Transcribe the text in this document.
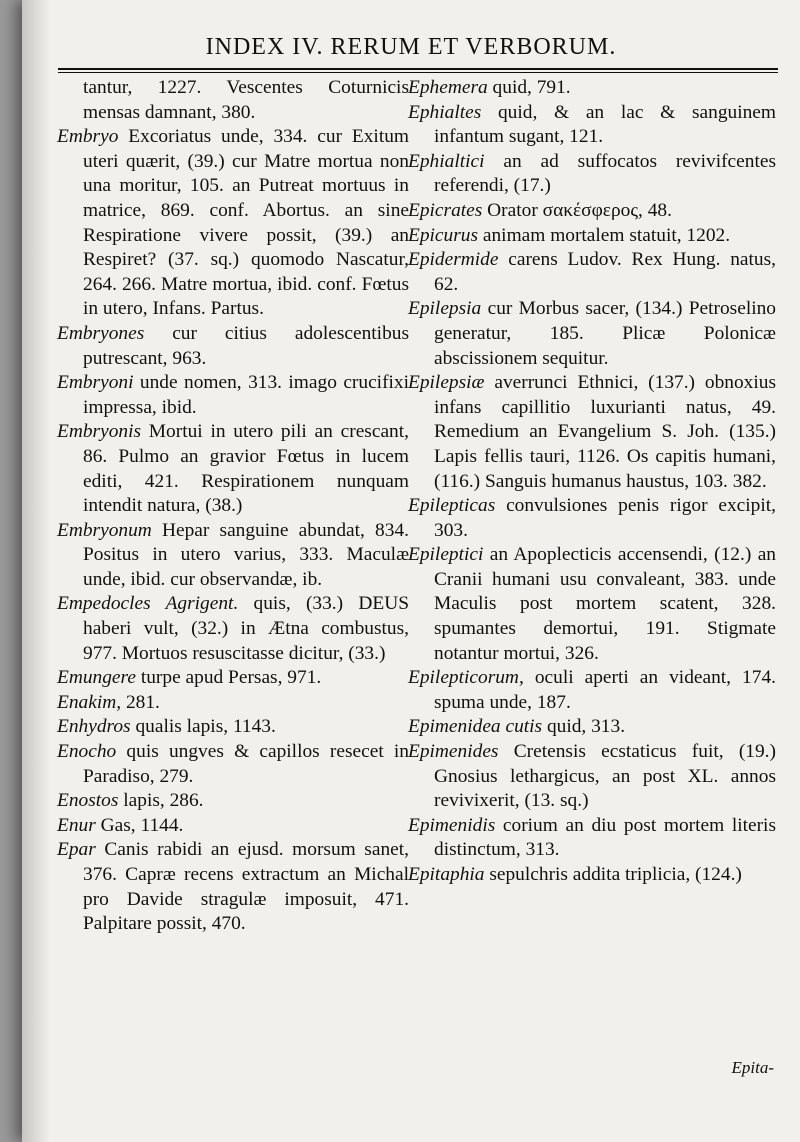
INDEX IV. RERUM ET VERBORUM.

tantur, 1227. Vescentes Coturnicis mensas damnant, 380.

Embryo Excoriatus unde, 334. cur Exitum uteri quærit, (39.) cur Matre mortua non una moritur, 105. an Putreat mortuus in matrice, 869. conf. Abortus. an sine Respiratione vivere possit, (39.) an Respiret? (37. sq.) quomodo Nascatur, 264. 266. Matre mortua, ibid. conf. Fœtus in utero, Infans. Partus.

Embryones cur citius adolescentibus putrescant, 963.

Embryoni unde nomen, 313. imago crucifixi impressa, ibid.

Embryonis Mortui in utero pili an crescant, 86. Pulmo an gravior Fœtus in lucem editi, 421. Respirationem nunquam intendit natura, (38.)

Embryonum Hepar sanguine abundat, 834. Positus in utero varius, 333. Maculæ unde, ibid. cur observandæ, ib.

Empedocles Agrigent. quis, (33.) DEUS haberi vult, (32.) in Ætna combustus, 977. Mortuos resuscitasse dicitur, (33.)

Emungere turpe apud Persas, 971.

Enakim, 281.

Enhydros qualis lapis, 1143.

Enocho quis ungves & capillos resecet in Paradiso, 279.

Enostos lapis, 286.

Enur Gas, 1144.

Epar Canis rabidi an ejusd. morsum sanet, 376. Capræ recens extractum an Michal pro Davide stragulæ imposuit, 471. Palpitare possit, 470.

Ephemera quid, 791.

Ephialtes quid, & an lac & sanguinem infantum sugant, 121.

Ephialtici an ad suffocatos revivifcentes referendi, (17.)

Epicrates Orator σακέσφερος, 48.

Epicurus animam mortalem statuit, 1202.

Epidermide carens Ludov. Rex Hung. natus, 62.

Epilepsia cur Morbus sacer, (134.) Petroselino generatur, 185. Plicæ Polonicæ abscissionem sequitur.

Epilepsiæ averrunci Ethnici, (137.) obnoxius infans capillitio luxurianti natus, 49. Remedium an Evangelium S. Joh. (135.) Lapis fellis tauri, 1126. Os capitis humani, (116.) Sanguis humanus haustus, 103. 382.

Epilepticas convulsiones penis rigor excipit, 303.

Epileptici an Apoplecticis accensendi, (12.) an Cranii humani usu convaleant, 383. unde Maculis post mortem scatent, 328. spumantes demortui, 191. Stigmate notantur mortui, 326.

Epilepticorum, oculi aperti an videant, 174. spuma unde, 187.

Epimenidea cutis quid, 313.

Epimenides Cretensis ecstaticus fuit, (19.) Gnosius lethargicus, an post XL. annos revivixerit, (13. sq.)

Epimenidis corium an diu post mortem literis distinctum, 313.

Epitaphia sepulchris addita triplicia, (124.)

Epita-
